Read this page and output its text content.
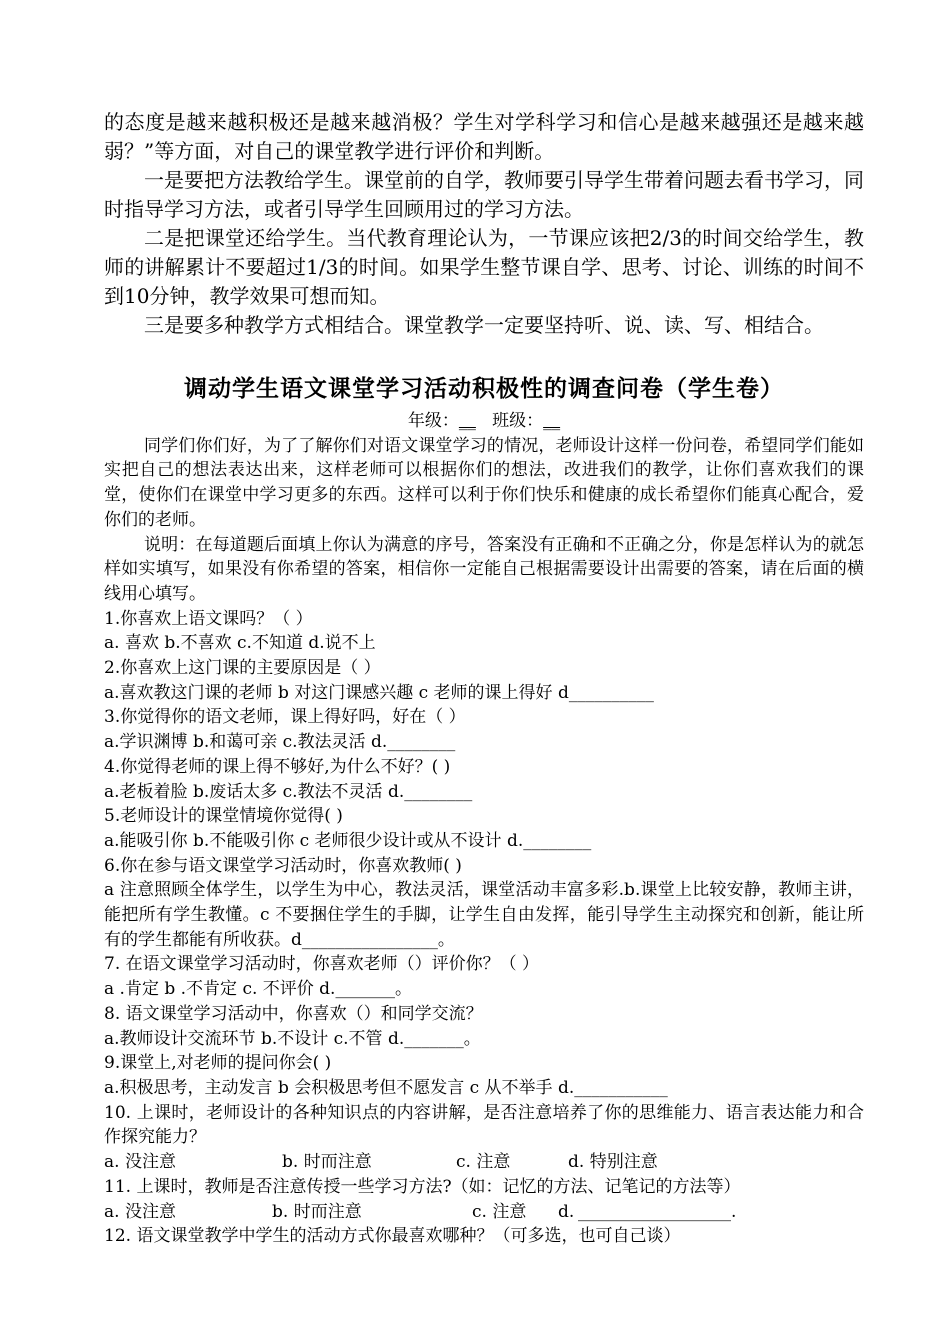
的态度是越来越积极还是越来越消极？学生对学科学习和信心是越来越强还是越来越弱？”等方面，对自己的课堂教学进行评价和判断。

一是要把方法教给学生。课堂前的自学，教师要引导学生带着问题去看书学习，同时指导学习方法，或者引导学生回顾用过的学习方法。

二是把课堂还给学生。当代教育理论认为，一节课应该把2/3的时间交给学生，教师的讲解累计不要超过1/3的时间。如果学生整节课自学、思考、讨论、训练的时间不到10分钟，教学效果可想而知。

三是要多种教学方式相结合。课堂教学一定要坚持听、说、读、写、相结合。

调动学生语文课堂学习活动积极性的调查问卷（学生卷）

年级：__ 班级：__

同学们你们好，为了了解你们对语文课堂学习的情况，老师设计这样一份问卷，希望同学们能如实把自己的想法表达出来，这样老师可以根据你们的想法，改进我们的教学，让你们喜欢我们的课堂，使你们在课堂中学习更多的东西。这样可以利于你们快乐和健康的成长希望你们能真心配合，爱你们的老师。

说明：在每道题后面填上你认为满意的序号，答案没有正确和不正确之分，你是怎样认为的就怎样如实填写，如果没有你希望的答案，相信你一定能自己根据需要设计出需要的答案，请在后面的横线用心填写。

1.你喜欢上语文课吗？（ ）

a. 喜欢 b.不喜欢 c.不知道 d.说不上

2.你喜欢上这门课的主要原因是（ ）

a.喜欢教这门课的老师 b 对这门课感兴趣 c 老师的课上得好 d__________

3.你觉得你的语文老师，课上得好吗，好在（ ）

a.学识渊博 b.和蔼可亲 c.教法灵活 d.________

4.你觉得老师的课上得不够好,为什么不好？( )

a.老板着脸 b.废话太多 c.教法不灵活 d.________

5.老师设计的课堂情境你觉得( )

a.能吸引你 b.不能吸引你 c 老师很少设计或从不设计 d.________

6.你在参与语文课堂学习活动时，你喜欢教师( )

a 注意照顾全体学生，以学生为中心，教法灵活，课堂活动丰富多彩.b.课堂上比较安静，教师主讲，能把所有学生教懂。c 不要捆住学生的手脚，让学生自由发挥，能引导学生主动探究和创新，能让所有的学生都能有所收获。d________________。

7. 在语文课堂学习活动时，你喜欢老师（）评价你？（ ）

a .肯定 b .不肯定 c. 不评价 d._______。

8. 语文课堂学习活动中，你喜欢（）和同学交流？

a.教师设计交流环节 b.不设计 c.不管 d._______。

9.课堂上,对老师的提问你会( )

a.积极思考，主动发言 b 会积极思考但不愿发言 c 从不举手 d.___________

10. 上课时，老师设计的各种知识点的内容讲解，是否注意培养了你的思维能力、语言表达能力和合作探究能力？

a. 没注意	b. 时而注意	c. 注意	d. 特别注意

11. 上课时，教师是否注意传授一些学习方法?（如：记忆的方法、记笔记的方法等）

a. 没注意	b. 时而注意	c. 注意 d. __________________.

12. 语文课堂教学中学生的活动方式你最喜欢哪种？（可多选，也可自己谈）
